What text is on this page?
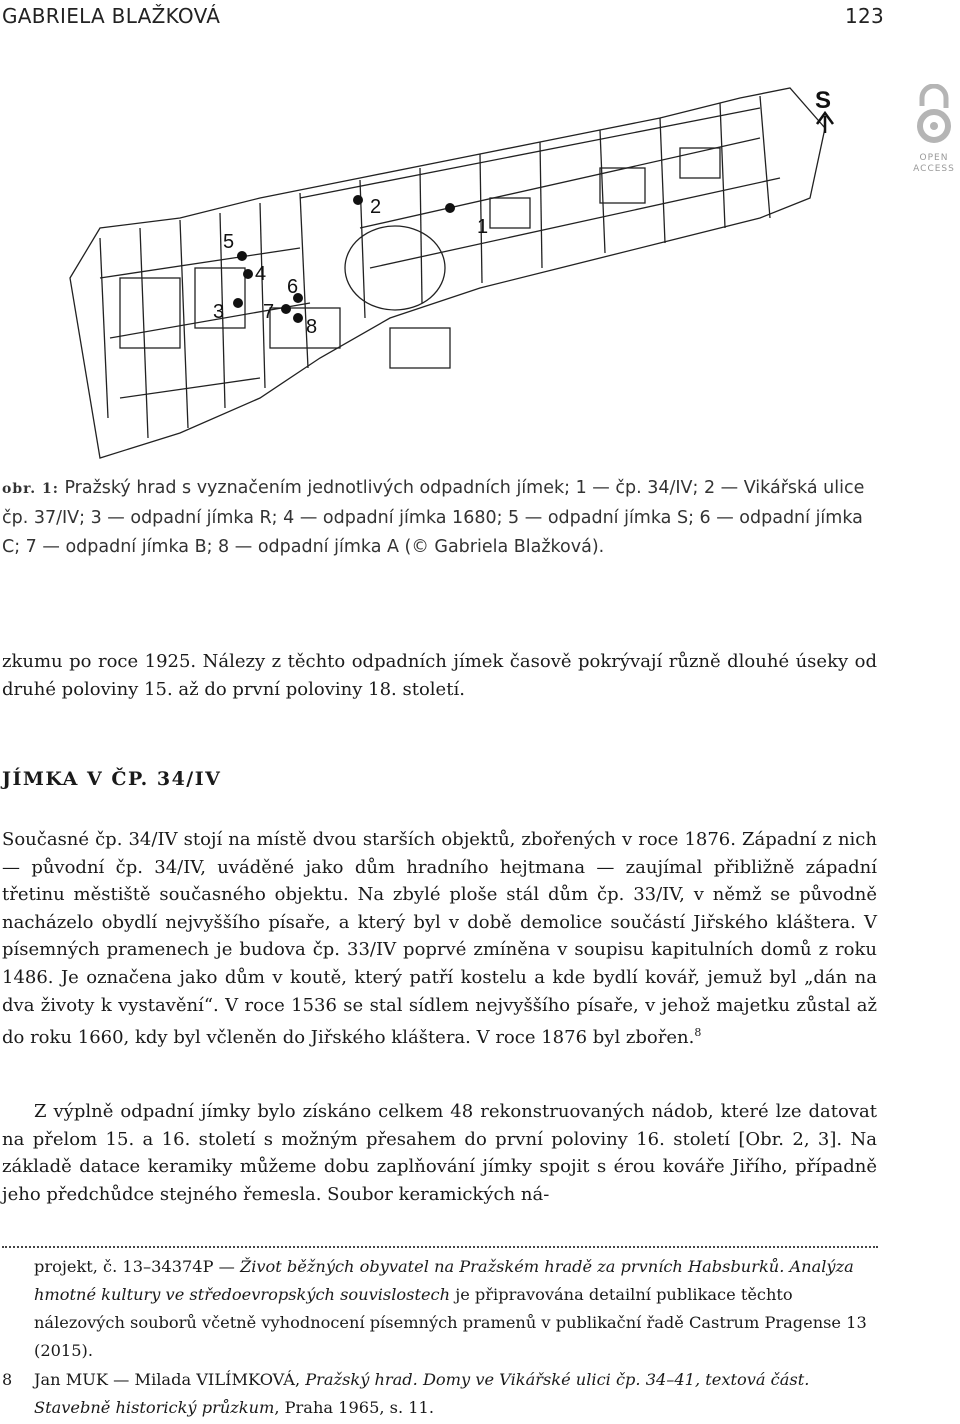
GABRIELA BLAŽKOVÁ	123
OPEN
ACCESS
S
1
2
3
4
5
6
7
8

obr. 1: Pražský hrad s vyznačením jednotlivých odpadních jímek; 1 — čp. 34/IV; 2 — Vikářská ulice čp. 37/IV; 3 — odpadní jímka R; 4 — odpadní jímka 1680; 5 — odpadní jímka S; 6 — odpadní jímka C; 7 — odpadní jímka B; 8 — odpadní jímka A (© Gabriela Blažková).

zkumu po roce 1925. Nálezy z těchto odpadních jímek časově pokrývají různě dlouhé úseky od druhé poloviny 15. až do první poloviny 18. století.

JÍMKA V ČP. 34/IV

Současné čp. 34/IV stojí na místě dvou starších objektů, zbořených v roce 1876. Západní z nich — původní čp. 34/IV, uváděné jako dům hradního hejtmana — zaujímal přibližně západní třetinu městiště současného objektu. Na zbylé ploše stál dům čp. 33/IV, v němž se původně nacházelo obydlí nejvyššího písaře, a který byl v době demolice součástí Jiřského kláštera. V písemných pramenech je budova čp. 33/IV poprvé zmíněna v soupisu kapitulních domů z roku 1486. Je označena jako dům v koutě, který patří kostelu a kde bydlí kovář, jemuž byl „dán na dva životy k vystavění“. V roce 1536 se stal sídlem nejvyššího písaře, v jehož majetku zůstal až do roku 1660, kdy byl včleněn do Jiřského kláštera. V roce 1876 byl zbořen.$^8$

Z výplně odpadní jímky bylo získáno celkem 48 rekonstruovaných nádob, které lze datovat na přelom 15. a 16. století s možným přesahem do první poloviny 16. století [Obr. 2, 3]. Na základě datace keramiky můžeme dobu zaplňování jímky spojit s érou kováře Jiřího, případně jeho předchůdce stejného řemesla. Soubor keramických ná-

projekt, č. 13–34374P — Život běžných obyvatel na Pražském hradě za prvních Habsburků. Analýza hmotné kultury ve středoevropských souvislostech je připravována detailní publikace těchto nálezových souborů včetně vyhodnocení písemných pramenů v publikační řadě Castrum Pragense 13 (2015).

8 Jan MUK — Milada VILÍMKOVÁ, Pražský hrad. Domy ve Vikářské ulici čp. 34–41, textová část. Stavebně historický průzkum, Praha 1965, s. 11.
